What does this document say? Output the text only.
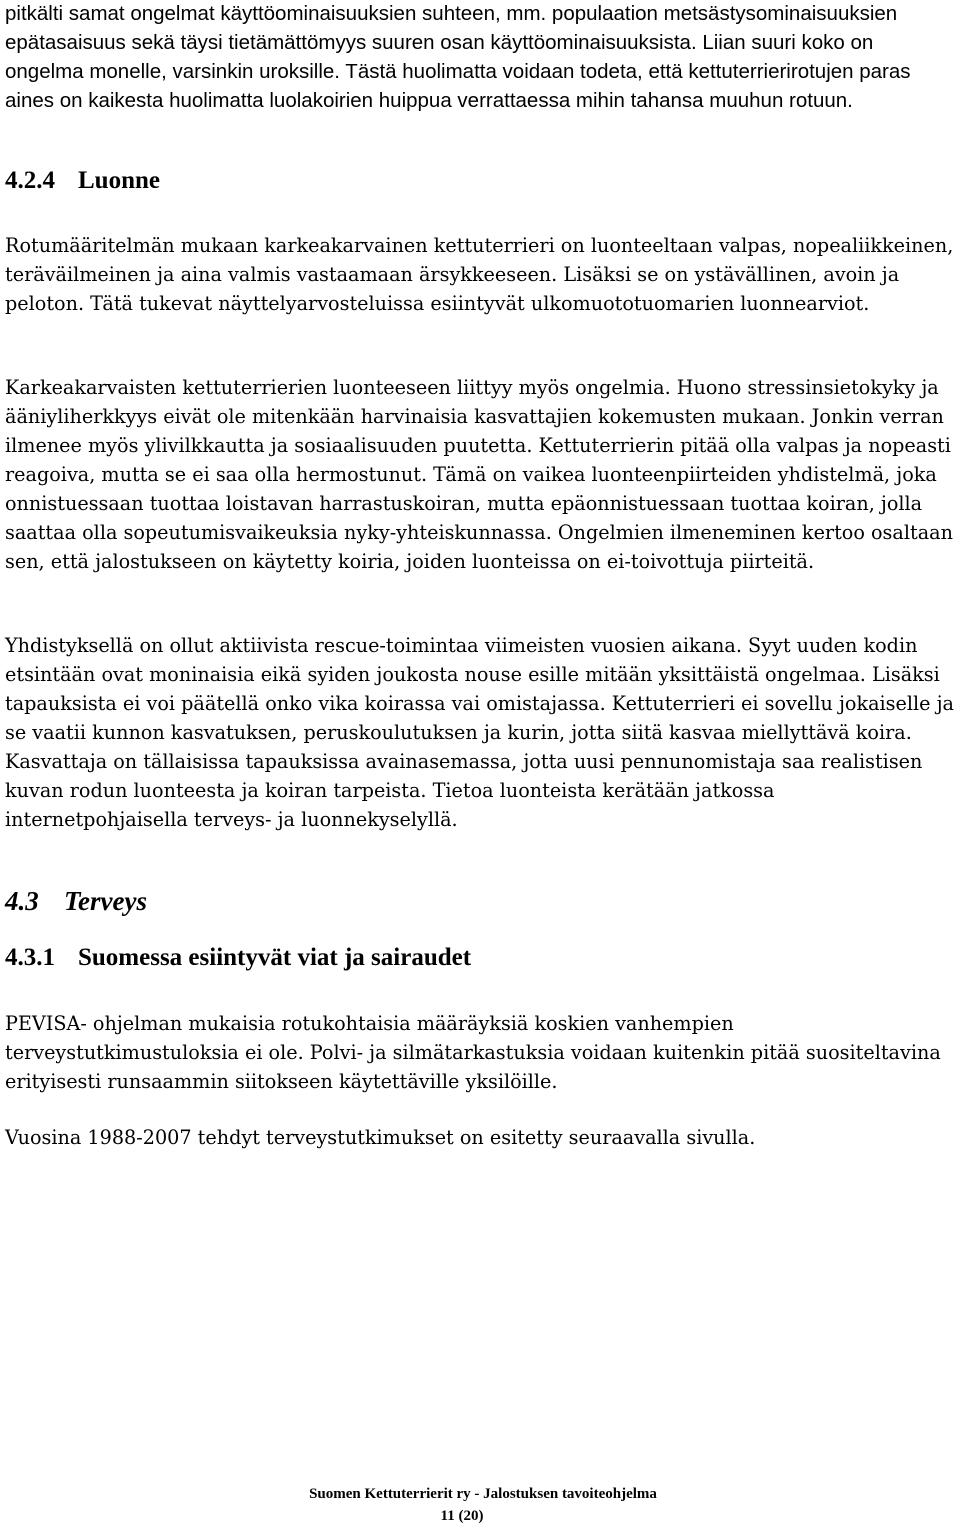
pitkälti samat ongelmat käyttöominaisuuksien suhteen, mm. populaation metsästysominaisuuksien epätasaisuus sekä täysi tietämättömyys suuren osan käyttöominaisuuksista. Liian suuri koko on ongelma monelle, varsinkin uroksille. Tästä huolimatta voidaan todeta, että kettuterrierirotujen paras aines on kaikesta huolimatta luolakoirien huippua verrattaessa mihin tahansa muuhun rotuun.

4.2.4 Luonne

Rotumääritelmän mukaan karkeakarvainen kettuterrieri on luonteeltaan valpas, nopealiikkeinen, teräväilmeinen ja aina valmis vastaamaan ärsykkeeseen. Lisäksi se on ystävällinen, avoin ja peloton. Tätä tukevat näyttelyarvosteluissa esiintyvät ulkomuototuomarien luonnearviot.

Karkeakarvaisten kettuterrierien luonteeseen liittyy myös ongelmia. Huono stressinsietokyky ja ääniyliherkkyys eivät ole mitenkään harvinaisia kasvattajien kokemusten mukaan. Jonkin verran ilmenee myös ylivilkkautta ja sosiaalisuuden puutetta. Kettuterrierin pitää olla valpas ja nopeasti reagoiva, mutta se ei saa olla hermostunut. Tämä on vaikea luonteenpiirteiden yhdistelmä, joka onnistuessaan tuottaa loistavan harrastuskoiran, mutta epäonnistuessaan tuottaa koiran, jolla saattaa olla sopeutumisvaikeuksia nyky-yhteiskunnassa. Ongelmien ilmeneminen kertoo osaltaan sen, että jalostukseen on käytetty koiria, joiden luonteissa on ei-toivottuja piirteitä.

Yhdistyksellä on ollut aktiivista rescue-toimintaa viimeisten vuosien aikana. Syyt uuden kodin etsintään ovat moninaisia eikä syiden joukosta nouse esille mitään yksittäistä ongelmaa. Lisäksi tapauksista ei voi päätellä onko vika koirassa vai omistajassa. Kettuterrieri ei sovellu jokaiselle ja se vaatii kunnon kasvatuksen, peruskoulutuksen ja kurin, jotta siitä kasvaa miellyttävä koira. Kasvattaja on tällaisissa tapauksissa avainasemassa, jotta uusi pennunomistaja saa realistisen kuvan rodun luonteesta ja koiran tarpeista. Tietoa luonteista kerätään jatkossa internetpohjaisella terveys- ja luonnekyselyllä.

4.3 Terveys
4.3.1 Suomessa esiintyvät viat ja sairaudet

PEVISA- ohjelman mukaisia rotukohtaisia määräyksiä koskien vanhempien terveystutkimustuloksia ei ole. Polvi- ja silmätarkastuksia voidaan kuitenkin pitää suositeltavina erityisesti runsaammin siitokseen käytettäville yksilöille.

Vuosina 1988-2007 tehdyt terveystutkimukset on esitetty seuraavalla sivulla.

Suomen Kettuterrierit ry - Jalostuksen tavoiteohjelma
11 (20)
